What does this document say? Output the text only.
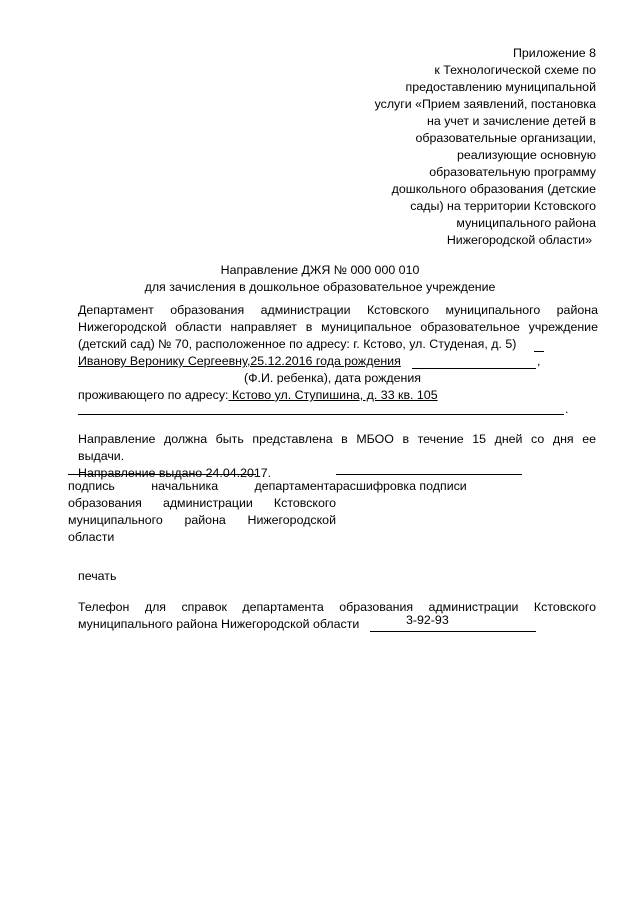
Приложение 8
к Технологической схеме по
предоставлению муниципальной
услуги «Прием заявлений, постановка
на учет и зачисление детей в
образовательные организации,
реализующие основную
образовательную программу
дошкольного образования (детские
сады) на территории Кстовского
муниципального района
Нижегородской области»
Направление ДЖЯ № 000 000 010
для зачисления в дошкольное образовательное учреждение
Департамент образования администрации Кстовского муниципального района
Нижегородской области направляет в муниципальное образовательное учреждение
(детский сад) № 70, расположенное по адресу: г. Кстово, ул. Студеная, д. 5)
Иванову Веронику Сергеевну,25.12.2016 года рождения	,
(Ф.И. ребенка), дата рождения
проживающего по адресу: Кстово ул. Ступишина, д. 33 кв. 105
.
Направление должна быть представлена в МБОО в течение 15 дней со дня ее
выдачи.
Направление выдано 24.04.2017.
подпись начальника департамента расшифровка подписи
образования администрации Кстовского
муниципального района Нижегородской
области
печать
Телефон для справок департамента образования администрации Кстовского
муниципального района Нижегородской области	3-92-93
